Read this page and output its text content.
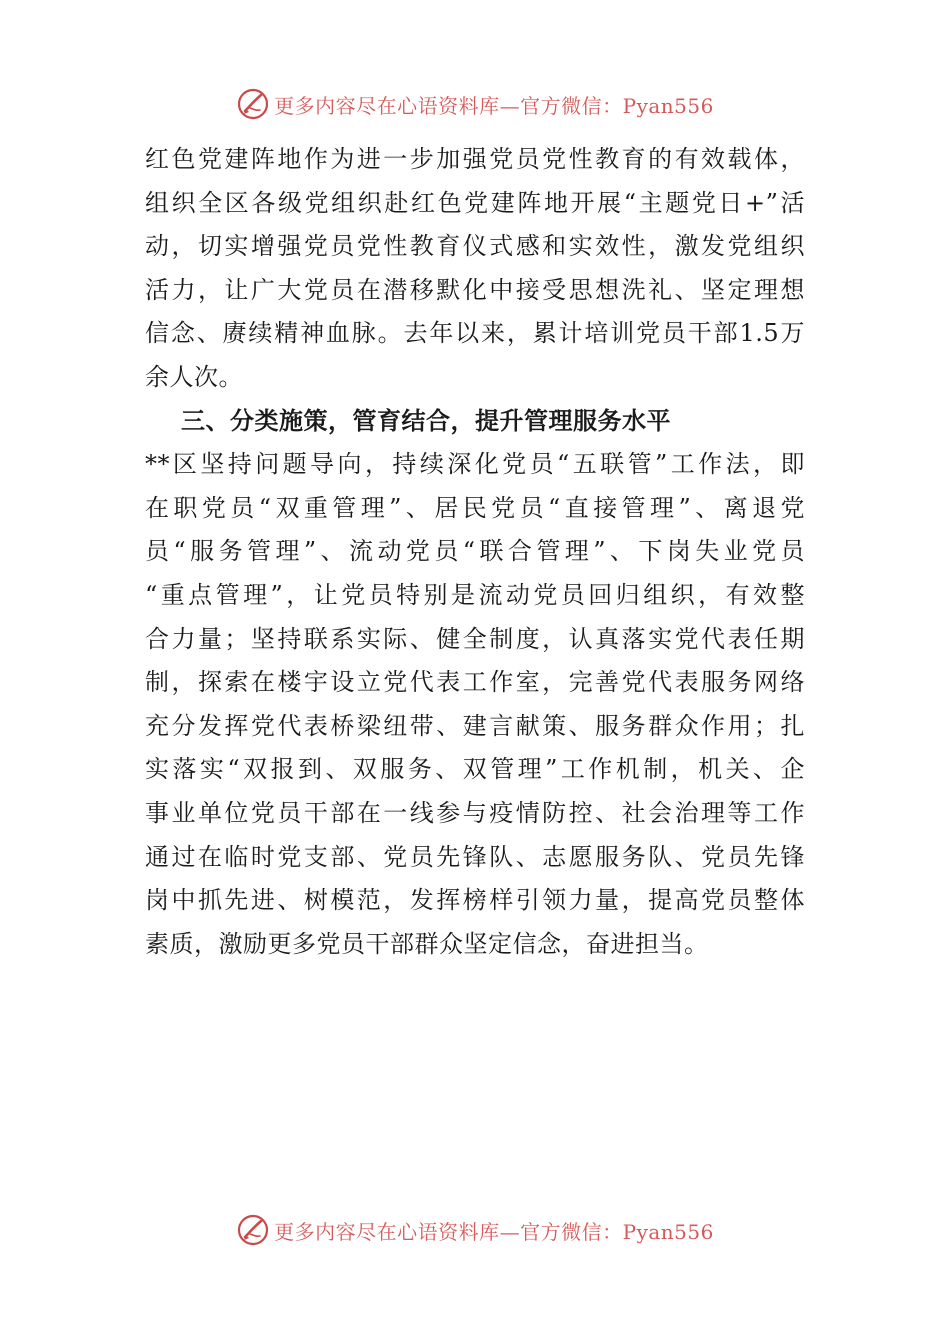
更多内容尽在心语资料库—官方微信：Pyan556
红色党建阵地作为进一步加强党员党性教育的有效载体，
组织全区各级党组织赴红色党建阵地开展“主题党日+”活
动，切实增强党员党性教育仪式感和实效性，激发党组织
活力，让广大党员在潜移默化中接受思想洗礼、坚定理想
信念、赓续精神血脉。去年以来，累计培训党员干部1.5万
余人次。
三、分类施策，管育结合，提升管理服务水平
**区坚持问题导向，持续深化党员“五联管”工作法，即
在职党员“双重管理”、居民党员“直接管理”、离退党
员“服务管理”、流动党员“联合管理”、下岗失业党员
“重点管理”，让党员特别是流动党员回归组织，有效整
合力量；坚持联系实际、健全制度，认真落实党代表任期
制，探索在楼宇设立党代表工作室，完善党代表服务网络
充分发挥党代表桥梁纽带、建言献策、服务群众作用；扎
实落实“双报到、双服务、双管理”工作机制，机关、企
事业单位党员干部在一线参与疫情防控、社会治理等工作
通过在临时党支部、党员先锋队、志愿服务队、党员先锋
岗中抓先进、树模范，发挥榜样引领力量，提高党员整体
素质，激励更多党员干部群众坚定信念，奋进担当。
更多内容尽在心语资料库—官方微信：Pyan556
